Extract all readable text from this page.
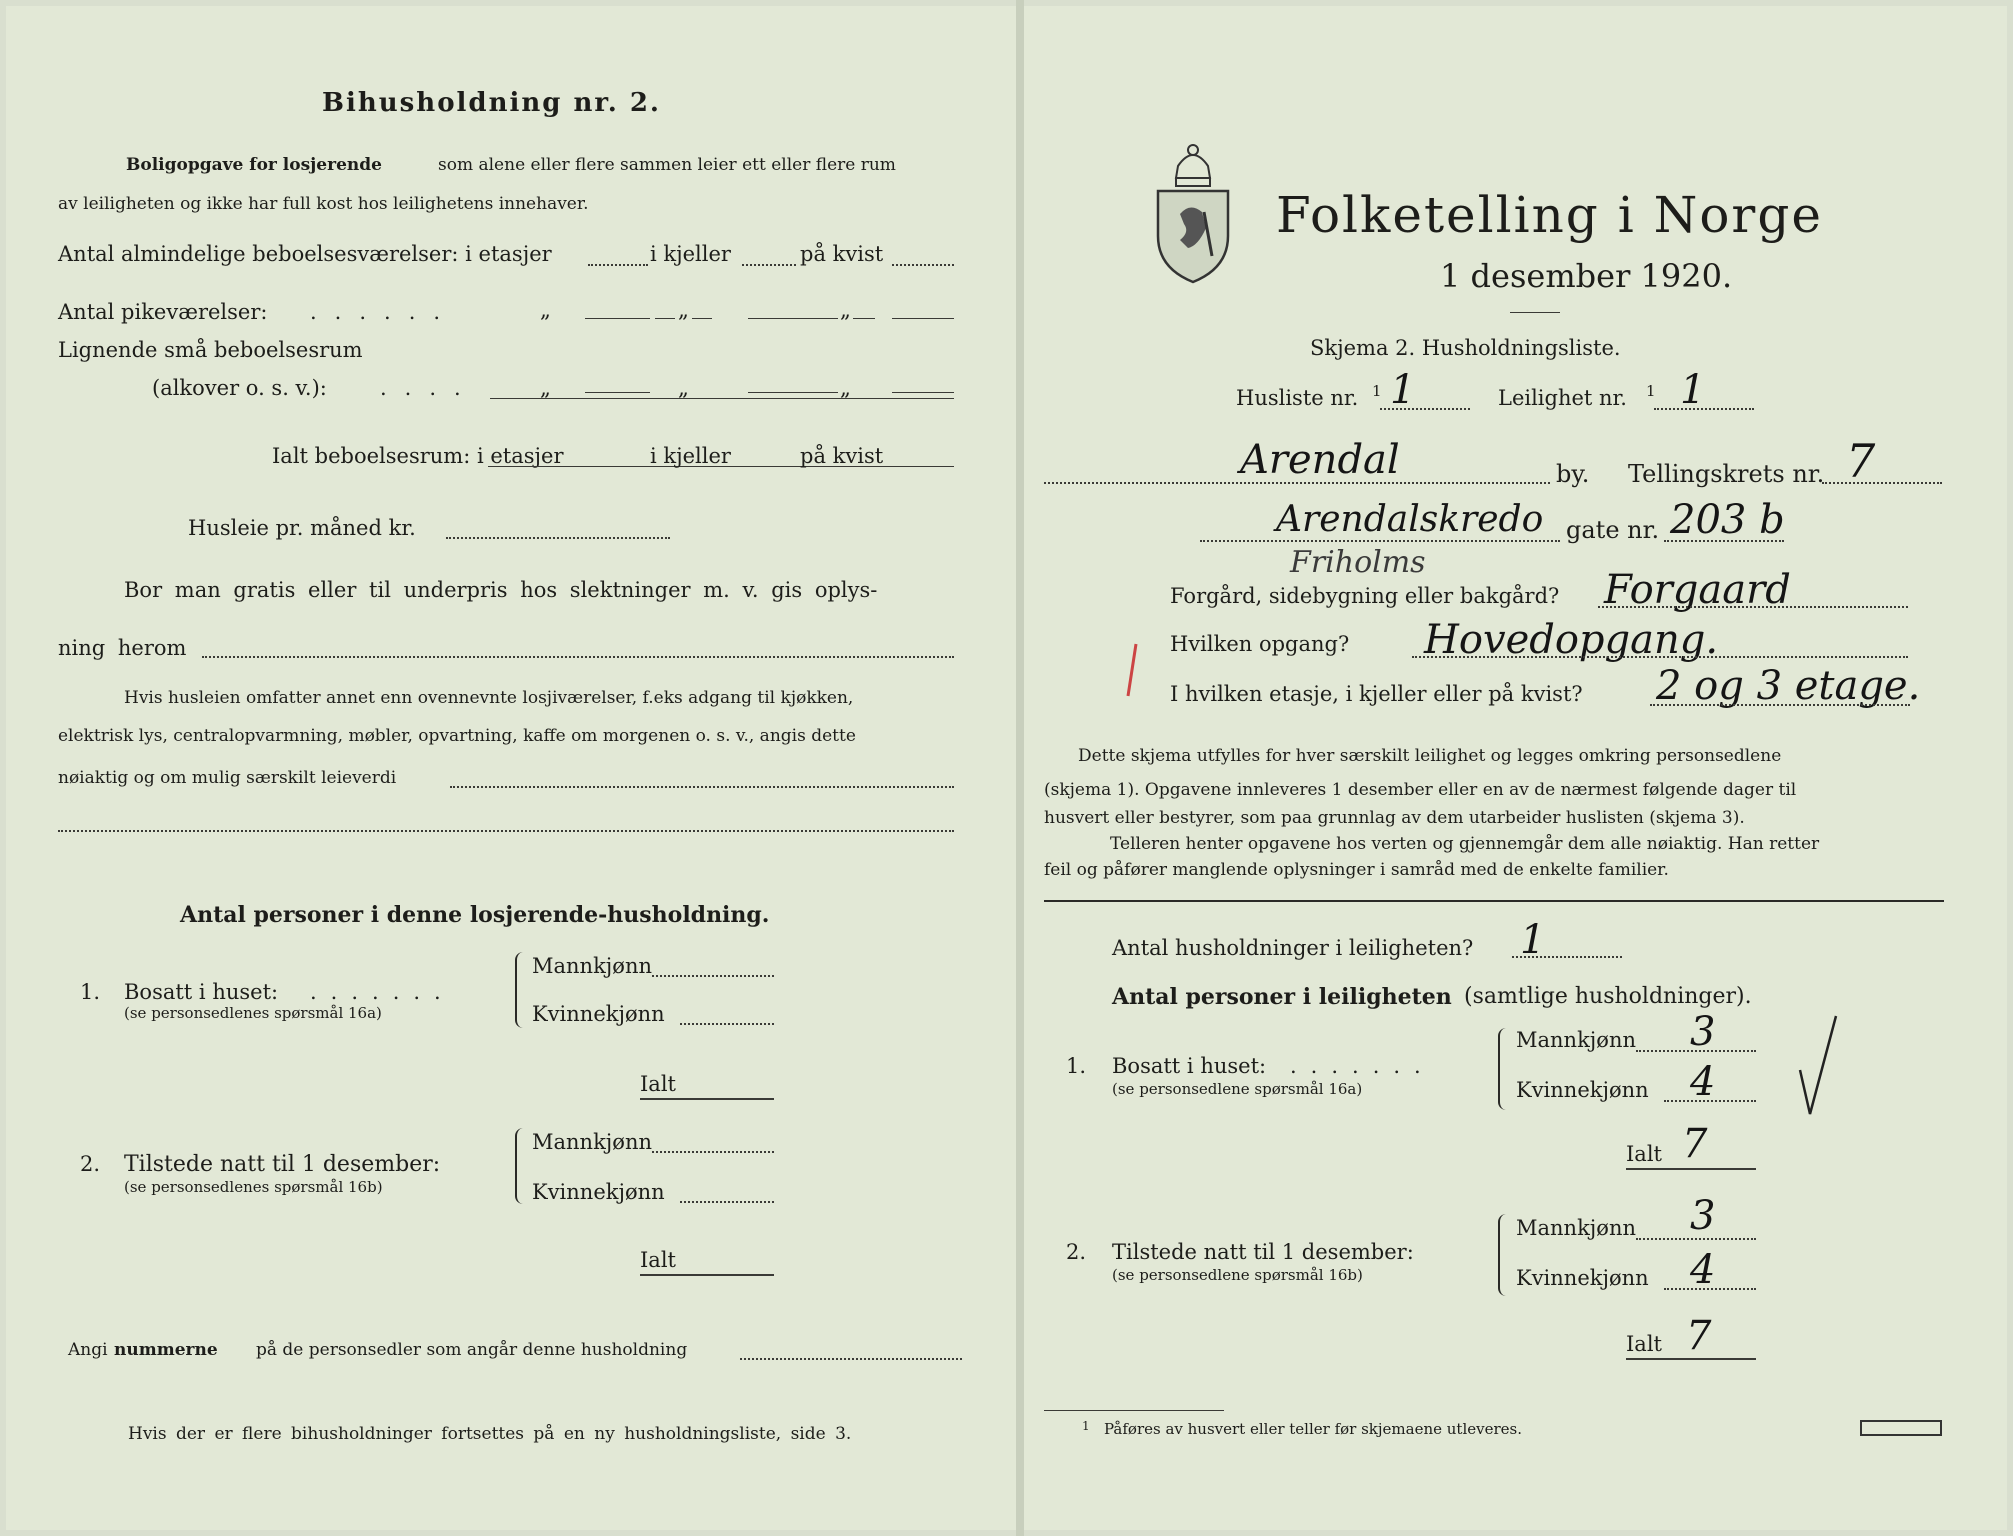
Bihusholdning nr. 2.
Boligopgave for losjerende	som alene eller flere sammen leier ett eller flere rum
av leiligheten og ikke har full kost hos leilighetens innehaver.
Antal almindelige beboelsesværelser: i etasjer	i kjeller	på kvist
Antal pikeværelser: ......	„	„	„
Lignende små beboelsesrum
(alkover o. s. v.):	....	„	„	„
Ialt beboelsesrum: i etasjer	i kjeller	på kvist
Husleie pr. måned kr.
Bor man gratis eller til underpris hos slektninger m. v. gis oplys-
ning herom
Hvis husleien omfatter annet enn ovennevnte losjiværelser, f.eks adgang til kjøkken,
elektrisk lys, centralopvarmning, møbler, opvartning, kaffe om morgenen o. s. v., angis dette
nøiaktig og om mulig særskilt leieverdi
Antal personer i denne losjerende-husholdning.
1. Bosatt i huset: .......
(se personsedlenes spørsmål 16a)
Mannkjønn
Kvinnekjønn
Ialt
2. Tilstede natt til 1 desember:
(se personsedlenes spørsmål 16b)
Mannkjønn
Kvinnekjønn
Ialt
Angi nummerne på de personsedler som angår denne husholdning
Hvis der er flere bihusholdninger fortsettes på en ny husholdningsliste, side 3.
Folketelling i Norge
1 desember 1920.
Skjema 2. Husholdningsliste.
Husliste nr. 1 1	Leilighet nr. 1 1
Arendal	by. Tellingskrets nr. 7
Arendalskredo gate nr. 203 b
Friholms
Forgård, sidebygning eller bakgård? Forgaard
Hvilken opgang? Hovedopgang.
I hvilken etasje, i kjeller eller på kvist? 2 og 3 etage.
Dette skjema utfylles for hver særskilt leilighet og legges omkring personsedlene
(skjema 1). Opgavene innleveres 1 desember eller en av de nærmest følgende dager til
husvert eller bestyrer, som paa grunnlag av dem utarbeider huslisten (skjema 3).
Telleren henter opgavene hos verten og gjennemgår dem alle nøiaktig. Han retter
feil og påfører manglende oplysninger i samråd med de enkelte familier.
Antal husholdninger i leiligheten? 1
Antal personer i leiligheten (samtlige husholdninger).
1. Bosatt i huset: .......
(se personsedlene spørsmål 16a)
Mannkjønn 3
Kvinnekjønn 4
Ialt 7
2. Tilstede natt til 1 desember:
(se personsedlene spørsmål 16b)
Mannkjønn 3
Kvinnekjønn 4
Ialt 7
1 Påføres av husvert eller teller før skjemaene utleveres.
